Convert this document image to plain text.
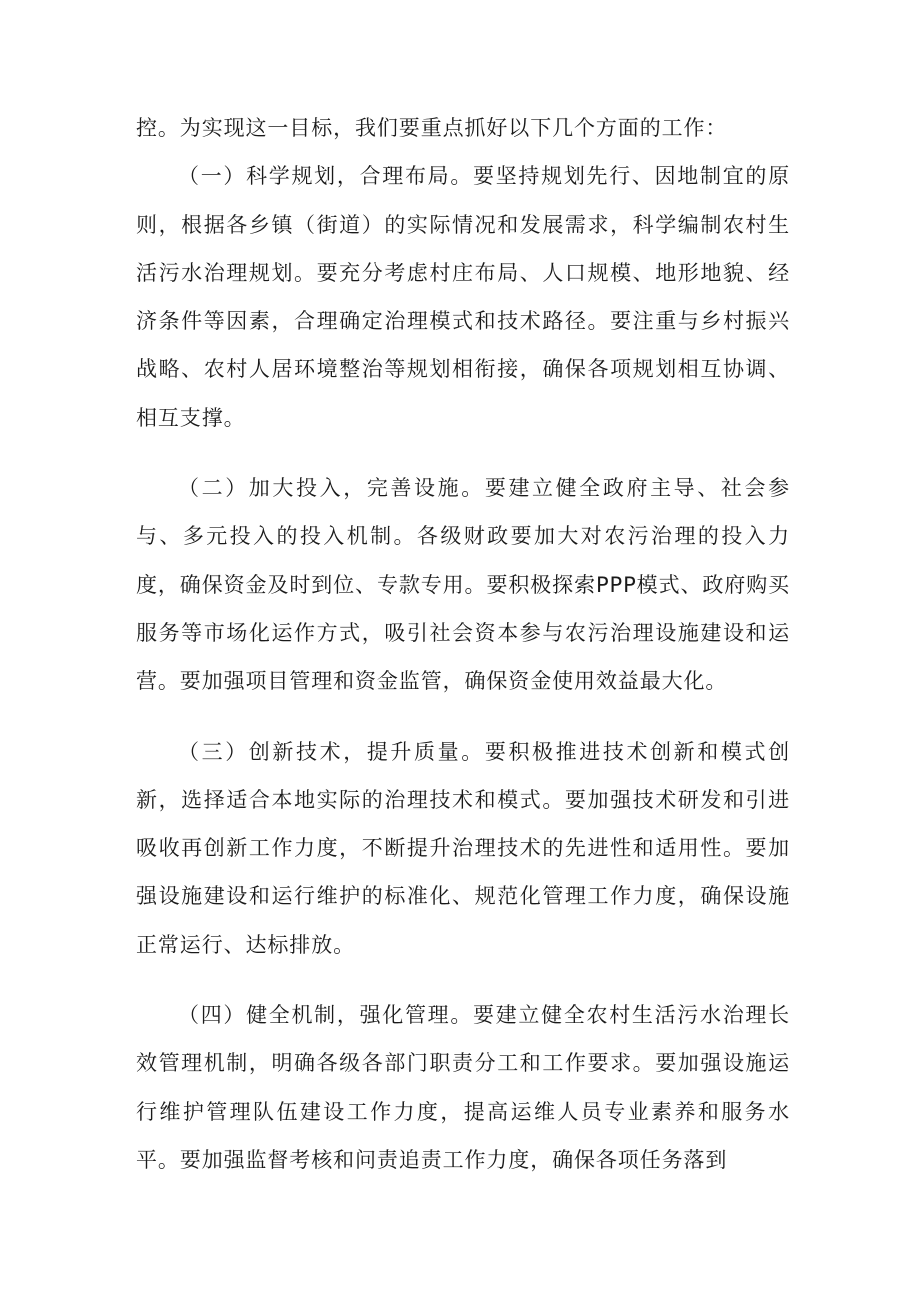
控。为实现这一目标，我们要重点抓好以下几个方面的工作：

（一）科学规划，合理布局。要坚持规划先行、因地制宜的原则，根据各乡镇（街道）的实际情况和发展需求，科学编制农村生活污水治理规划。要充分考虑村庄布局、人口规模、地形地貌、经济条件等因素，合理确定治理模式和技术路径。要注重与乡村振兴战略、农村人居环境整治等规划相衔接，确保各项规划相互协调、相互支撑。

（二）加大投入，完善设施。要建立健全政府主导、社会参与、多元投入的投入机制。各级财政要加大对农污治理的投入力度，确保资金及时到位、专款专用。要积极探索PPP模式、政府购买服务等市场化运作方式，吸引社会资本参与农污治理设施建设和运营。要加强项目管理和资金监管，确保资金使用效益最大化。

（三）创新技术，提升质量。要积极推进技术创新和模式创新，选择适合本地实际的治理技术和模式。要加强技术研发和引进吸收再创新工作力度，不断提升治理技术的先进性和适用性。要加强设施建设和运行维护的标准化、规范化管理工作力度，确保设施正常运行、达标排放。

（四）健全机制，强化管理。要建立健全农村生活污水治理长效管理机制，明确各级各部门职责分工和工作要求。要加强设施运行维护管理队伍建设工作力度，提高运维人员专业素养和服务水平。要加强监督考核和问责追责工作力度，确保各项任务落到
